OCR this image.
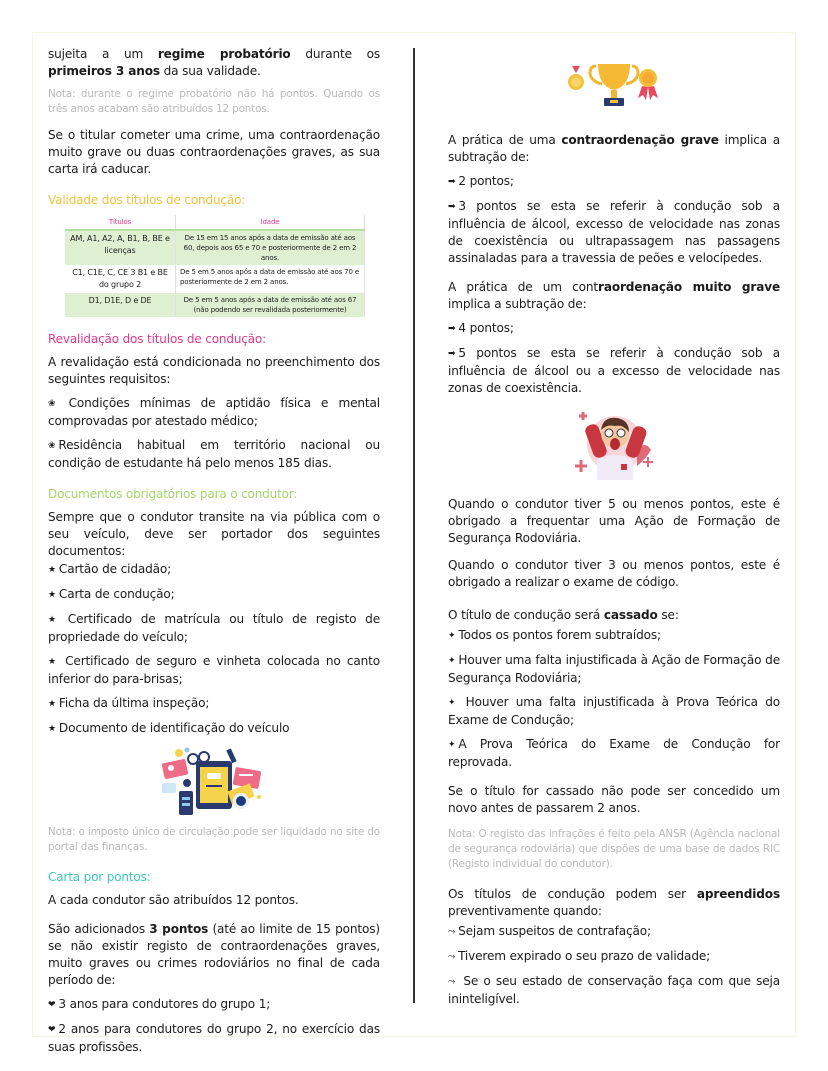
sujeita a um regime probatório durante os primeiros 3 anos da sua validade.

Nota: durante o regime probatório não há pontos. Quando os três anos acabam são atribuídos 12 pontos.

Se o titular cometer uma crime, uma contraordenação muito grave ou duas contraordenações graves, as sua carta irá caducar.

Validade dos títulos de condução:
Títulos	Idade
AM, A1, A2, A, B1, B, BE e licenças	De 15 em 15 anos após a data de emissão até aos 60, depois aos 65 e 70 e posteriormente de 2 em 2 anos.
C1, C1E, C, CE 3 B1 e BE do grupo 2	De 5 em 5 anos após a data de emissão até aos 70 e posteriormente de 2 em 2 anos.
D1, D1E, D e DE	De 5 em 5 anos após a data de emissão até aos 67 (não podendo ser revalidada posteriormente)
Revalidação dos títulos de condução:

A revalidação está condicionada no preenchimento dos seguintes requisitos:

❀ Condições mínimas de aptidão física e mental comprovadas por atestado médico;

❀ Residência habitual em território nacional ou condição de estudante há pelo menos 185 dias.

Documentos obrigatórios para o condutor:

Sempre que o condutor transite na via pública com o seu veículo, deve ser portador dos seguintes documentos:

★ Cartão de cidadão;

★ Carta de condução;

★ Certificado de matrícula ou título de registo de propriedade do veículo;

★ Certificado de seguro e vinheta colocada no canto inferior do para-brisas;

★ Ficha da última inspeção;

★ Documento de identificação do veículo

Nota: o imposto único de circulação pode ser liquidado no site do portal das finanças.

Carta por pontos:

A cada condutor são atribuídos 12 pontos.

São adicionados 3 pontos (até ao limite de 15 pontos) se não existir registo de contraordenações graves, muito graves ou crimes rodoviários no final de cada período de:

❤ 3 anos para condutores do grupo 1;

❤ 2 anos para condutores do grupo 2, no exercício das suas profissões.

A prática de uma contraordenação grave implica a subtração de:

➡ 2 pontos;

➡ 3 pontos se esta se referir à condução sob a influência de álcool, excesso de velocidade nas zonas de coexistência ou ultrapassagem nas passagens assinaladas para a travessia de peões e velocípedes.

A prática de um contraordenação muito grave implica a subtração de:

➡ 4 pontos;

➡ 5 pontos se esta se referir à condução sob a influência de álcool ou a excesso de velocidade nas zonas de coexistência.

Quando o condutor tiver 5 ou menos pontos, este é obrigado a frequentar uma Ação de Formação de Segurança Rodoviária.

Quando o condutor tiver 3 ou menos pontos, este é obrigado a realizar o exame de código.

O título de condução será cassado se:

✦ Todos os pontos forem subtraídos;

✦ Houver uma falta injustificada à Ação de Formação de Segurança Rodoviária;

✦ Houver uma falta injustificada à Prova Teórica do Exame de Condução;

✦ A Prova Teórica do Exame de Condução for reprovada.

Se o título for cassado não pode ser concedido um novo antes de passarem 2 anos.

Nota: O registo das infrações é feito pela ANSR (Agência nacional de segurança rodoviária) que dispões de uma base de dados RIC (Registo individual do condutor).

Os títulos de condução podem ser apreendidos preventivamente quando:

⤳ Sejam suspeitos de contrafação;

⤳ Tiverem expirado o seu prazo de validade;

⤳ Se o seu estado de conservação faça com que seja ininteligível.
